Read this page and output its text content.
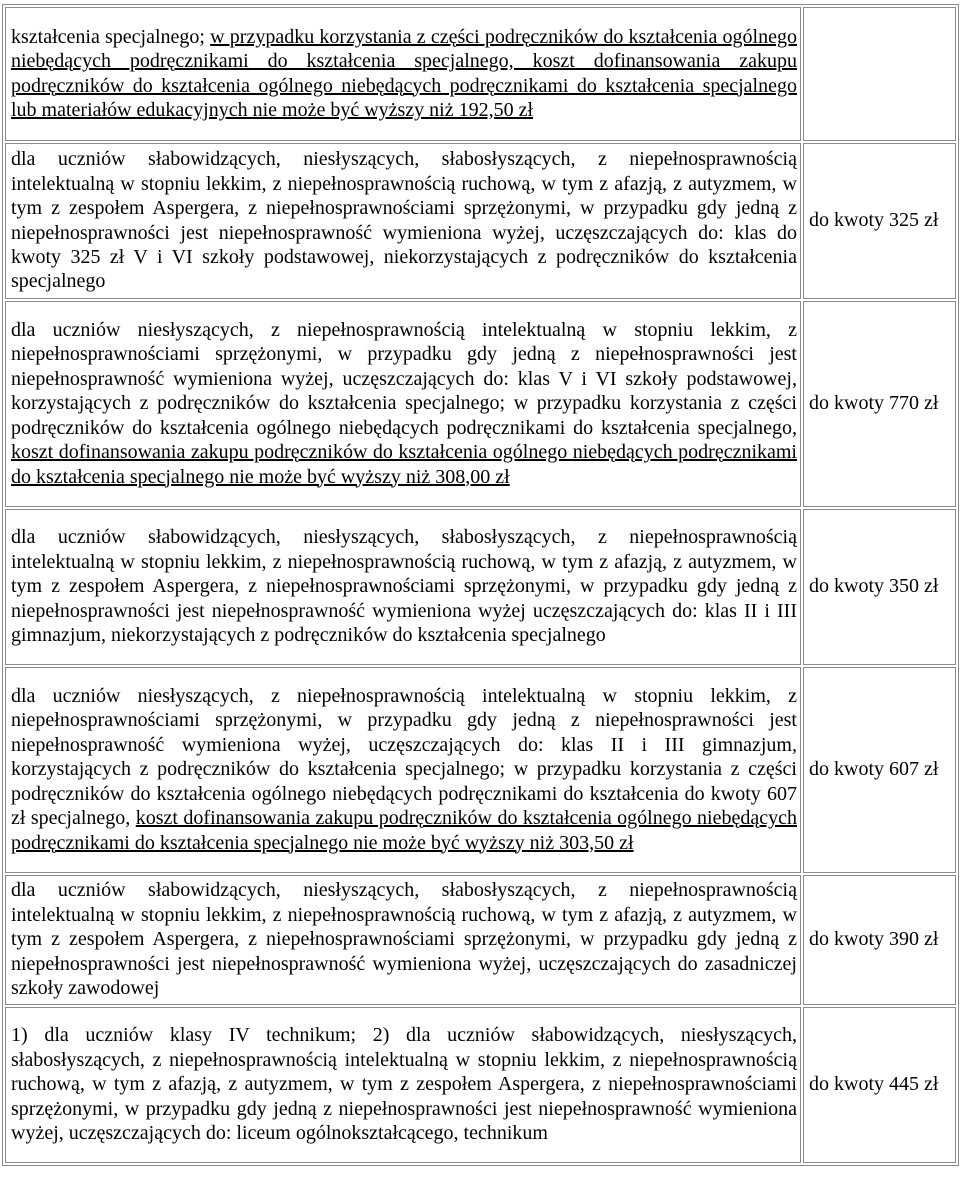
kształcenia specjalnego; w przypadku korzystania z części podręczników do kształcenia ogólnego niebędących podręcznikami do kształcenia specjalnego, koszt dofinansowania zakupu podręczników do kształcenia ogólnego niebędących podręcznikami do kształcenia specjalnego lub materiałów edukacyjnych nie może być wyższy niż 192,50 zł	
dla uczniów słabowidzących, niesłyszących, słabosłyszących, z niepełnosprawnością intelektualną w stopniu lekkim, z niepełnosprawnością ruchową, w tym z afazją, z autyzmem, w tym z zespołem Aspergera, z niepełnosprawnościami sprzężonymi, w przypadku gdy jedną z niepełnosprawności jest niepełnosprawność wymieniona wyżej, uczęszczających do: klas do kwoty 325 zł V i VI szkoły podstawowej, niekorzystających z podręczników do kształcenia specjalnego	do kwoty 325 zł
dla uczniów niesłyszących, z niepełnosprawnością intelektualną w stopniu lekkim, z niepełnosprawnościami sprzężonymi, w przypadku gdy jedną z niepełnosprawności jest niepełnosprawność wymieniona wyżej, uczęszczających do: klas V i VI szkoły podstawowej, korzystających z podręczników do kształcenia specjalnego; w przypadku korzystania z części podręczników do kształcenia ogólnego niebędących podręcznikami do kształcenia specjalnego, koszt dofinansowania zakupu podręczników do kształcenia ogólnego niebędących podręcznikami do kształcenia specjalnego nie może być wyższy niż 308,00 zł	do kwoty 770 zł
dla uczniów słabowidzących, niesłyszących, słabosłyszących, z niepełnosprawnością intelektualną w stopniu lekkim, z niepełnosprawnością ruchową, w tym z afazją, z autyzmem, w tym z zespołem Aspergera, z niepełnosprawnościami sprzężonymi, w przypadku gdy jedną z niepełnosprawności jest niepełnosprawność wymieniona wyżej uczęszczających do: klas II i III gimnazjum, niekorzystających z podręczników do kształcenia specjalnego	do kwoty 350 zł
dla uczniów niesłyszących, z niepełnosprawnością intelektualną w stopniu lekkim, z niepełnosprawnościami sprzężonymi, w przypadku gdy jedną z niepełnosprawności jest niepełnosprawność wymieniona wyżej, uczęszczających do: klas II i III gimnazjum, korzystających z podręczników do kształcenia specjalnego; w przypadku korzystania z części podręczników do kształcenia ogólnego niebędących podręcznikami do kształcenia do kwoty 607 zł specjalnego, koszt dofinansowania zakupu podręczników do kształcenia ogólnego niebędących podręcznikami do kształcenia specjalnego nie może być wyższy niż 303,50 zł	do kwoty 607 zł
dla uczniów słabowidzących, niesłyszących, słabosłyszących, z niepełnosprawnością intelektualną w stopniu lekkim, z niepełnosprawnością ruchową, w tym z afazją, z autyzmem, w tym z zespołem Aspergera, z niepełnosprawnościami sprzężonymi, w przypadku gdy jedną z niepełnosprawności jest niepełnosprawność wymieniona wyżej, uczęszczających do zasadniczej szkoły zawodowej	do kwoty 390 zł
1) dla uczniów klasy IV technikum; 2) dla uczniów słabowidzących, niesłyszących, słabosłyszących, z niepełnosprawnością intelektualną w stopniu lekkim, z niepełnosprawnością ruchową, w tym z afazją, z autyzmem, w tym z zespołem Aspergera, z niepełnosprawnościami sprzężonymi, w przypadku gdy jedną z niepełnosprawności jest niepełnosprawność wymieniona wyżej, uczęszczających do: liceum ogólnokształcącego, technikum	do kwoty 445 zł
